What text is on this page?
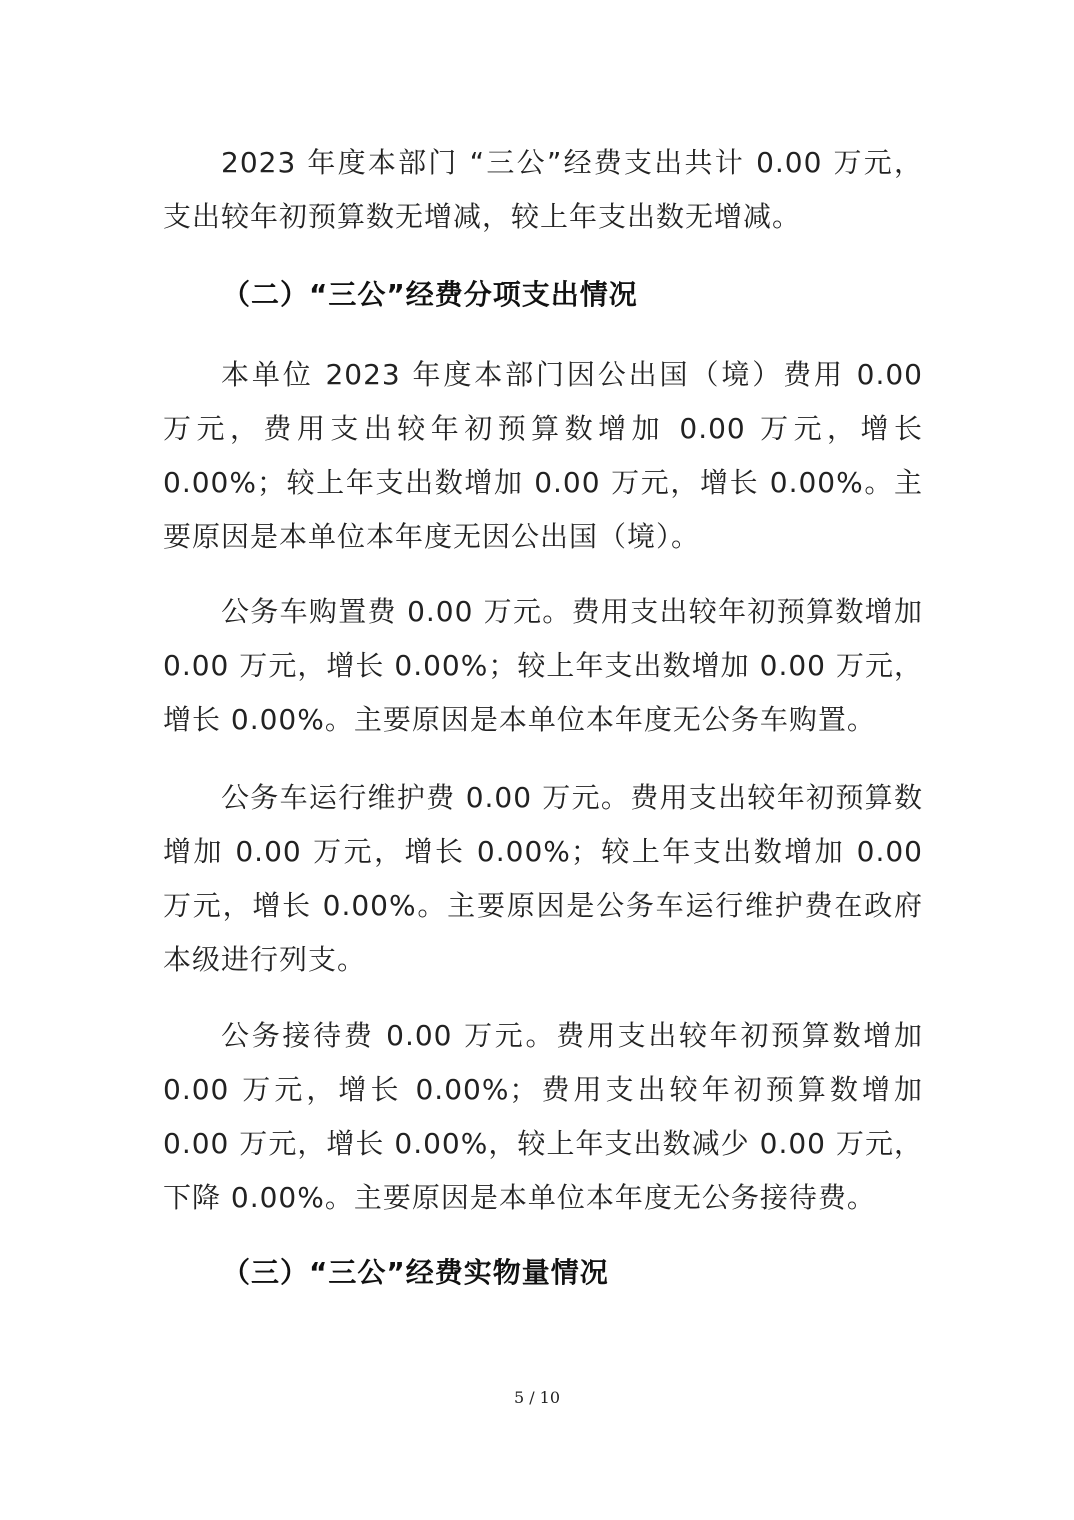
2023 年度本部门 “三公”经费支出共计 0.00 万元，支出较年初预算数无增减，较上年支出数无增减。

（二）“三公”经费分项支出情况

本单位 2023 年度本部门因公出国（境）费用 0.00 万元，费用支出较年初预算数增加 0.00 万元，增长 0.00%；较上年支出数增加 0.00 万元，增长 0.00%。主要原因是本单位本年度无因公出国（境）。

公务车购置费 0.00 万元。费用支出较年初预算数增加 0.00 万元，增长 0.00%；较上年支出数增加 0.00 万元，增长 0.00%。主要原因是本单位本年度无公务车购置。

公务车运行维护费 0.00 万元。费用支出较年初预算数增加 0.00 万元，增长 0.00%；较上年支出数增加 0.00 万元，增长 0.00%。主要原因是公务车运行维护费在政府本级进行列支。

公务接待费 0.00 万元。费用支出较年初预算数增加 0.00 万元，增长 0.00%；费用支出较年初预算数增加 0.00 万元，增长 0.00%，较上年支出数减少 0.00 万元，下降 0.00%。主要原因是本单位本年度无公务接待费。

（三）“三公”经费实物量情况
5 / 10
